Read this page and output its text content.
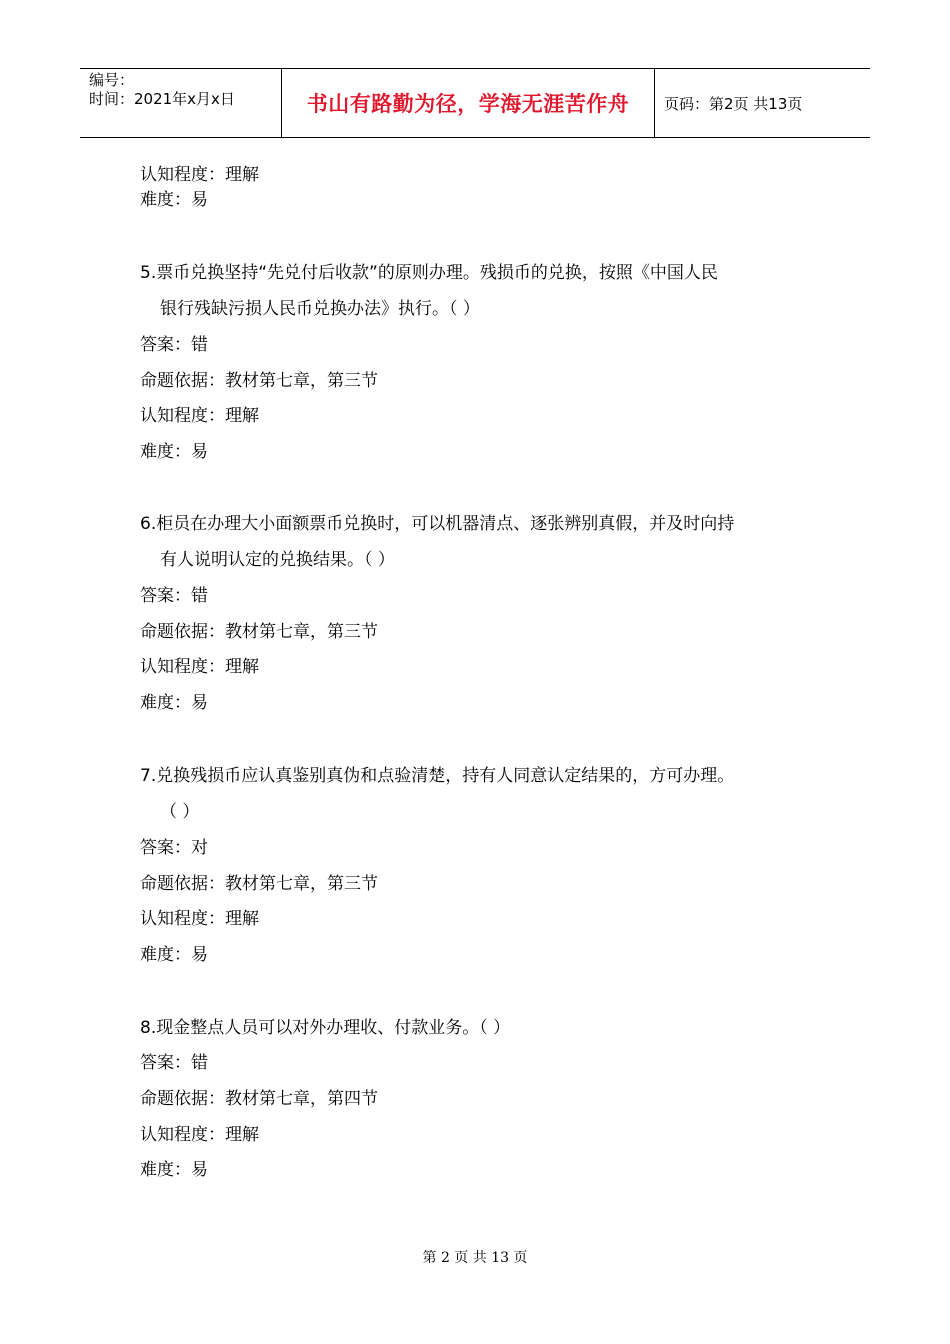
编号：
时间：2021年x月x日	书山有路勤为径，学海无涯苦作舟	页码：第2页 共13页
认知程度：理解
难度：易
5.票币兑换坚持“先兑付后收款”的原则办理。残损币的兑换，按照《中国人民
银行残缺污损人民币兑换办法》执行。（ ）
答案：错
命题依据：教材第七章，第三节
认知程度：理解
难度：易
6.柜员在办理大小面额票币兑换时，可以机器清点、逐张辨别真假，并及时向持
有人说明认定的兑换结果。（ ）
答案：错
命题依据：教材第七章，第三节
认知程度：理解
难度：易
7.兑换残损币应认真鉴别真伪和点验清楚，持有人同意认定结果的，方可办理。
（ ）
答案：对
命题依据：教材第七章，第三节
认知程度：理解
难度：易
8.现金整点人员可以对外办理收、付款业务。（ ）
答案：错
命题依据：教材第七章，第四节
认知程度：理解
难度：易
第 2 页 共 13 页
